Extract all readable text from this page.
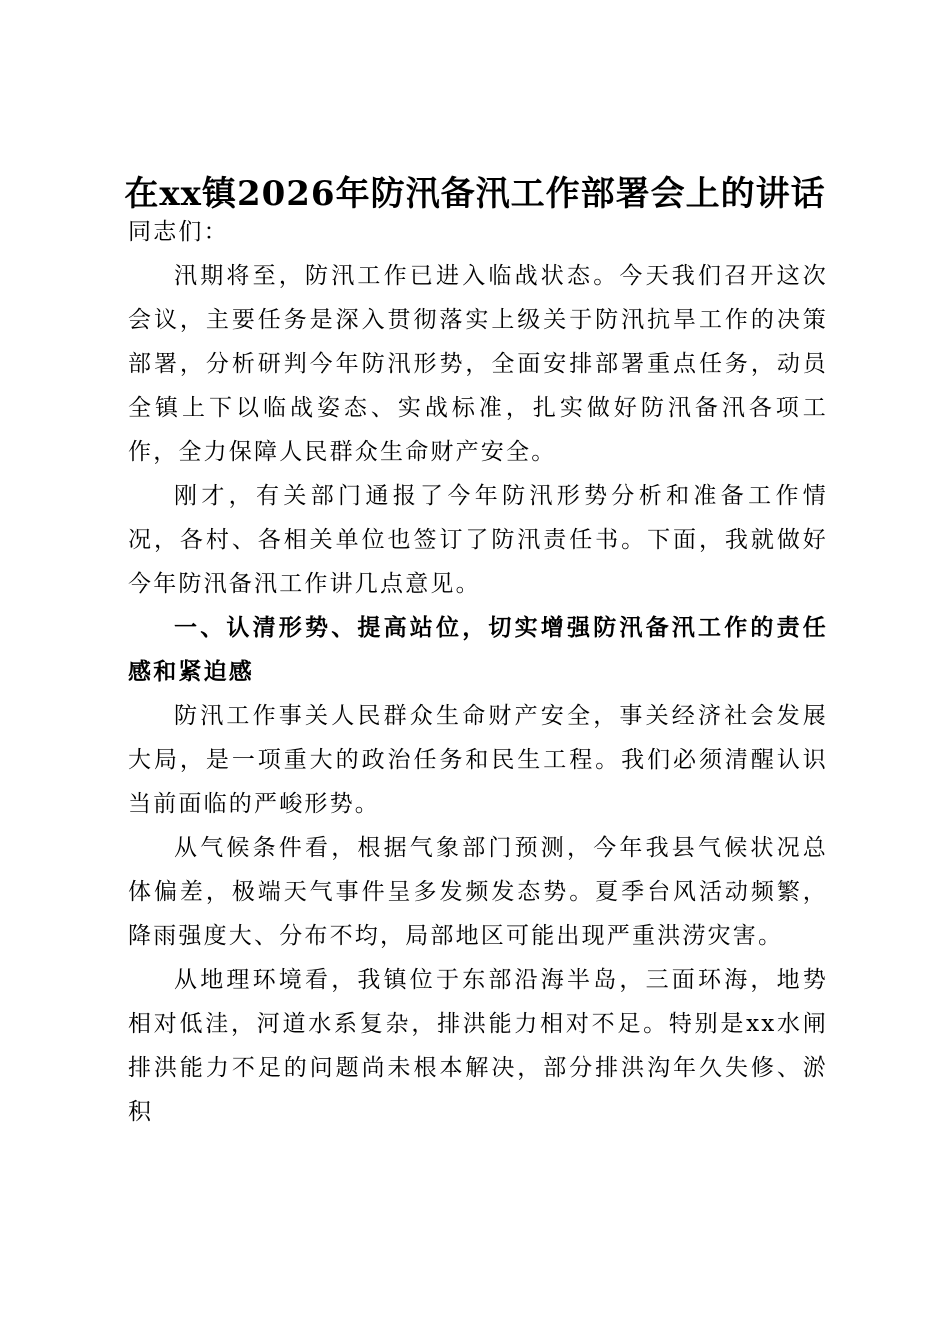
在xx镇2026年防汛备汛工作部署会上的讲话

同志们：

汛期将至，防汛工作已进入临战状态。今天我们召开这次会议，主要任务是深入贯彻落实上级关于防汛抗旱工作的决策部署，分析研判今年防汛形势，全面安排部署重点任务，动员全镇上下以临战姿态、实战标准，扎实做好防汛备汛各项工作，全力保障人民群众生命财产安全。

刚才，有关部门通报了今年防汛形势分析和准备工作情况，各村、各相关单位也签订了防汛责任书。下面，我就做好今年防汛备汛工作讲几点意见。

一、认清形势、提高站位，切实增强防汛备汛工作的责任感和紧迫感

防汛工作事关人民群众生命财产安全，事关经济社会发展大局，是一项重大的政治任务和民生工程。我们必须清醒认识当前面临的严峻形势。

从气候条件看，根据气象部门预测，今年我县气候状况总体偏差，极端天气事件呈多发频发态势。夏季台风活动频繁，降雨强度大、分布不均，局部地区可能出现严重洪涝灾害。

从地理环境看，我镇位于东部沿海半岛，三面环海，地势相对低洼，河道水系复杂，排洪能力相对不足。特别是xx水闸排洪能力不足的问题尚未根本解决，部分排洪沟年久失修、淤积
